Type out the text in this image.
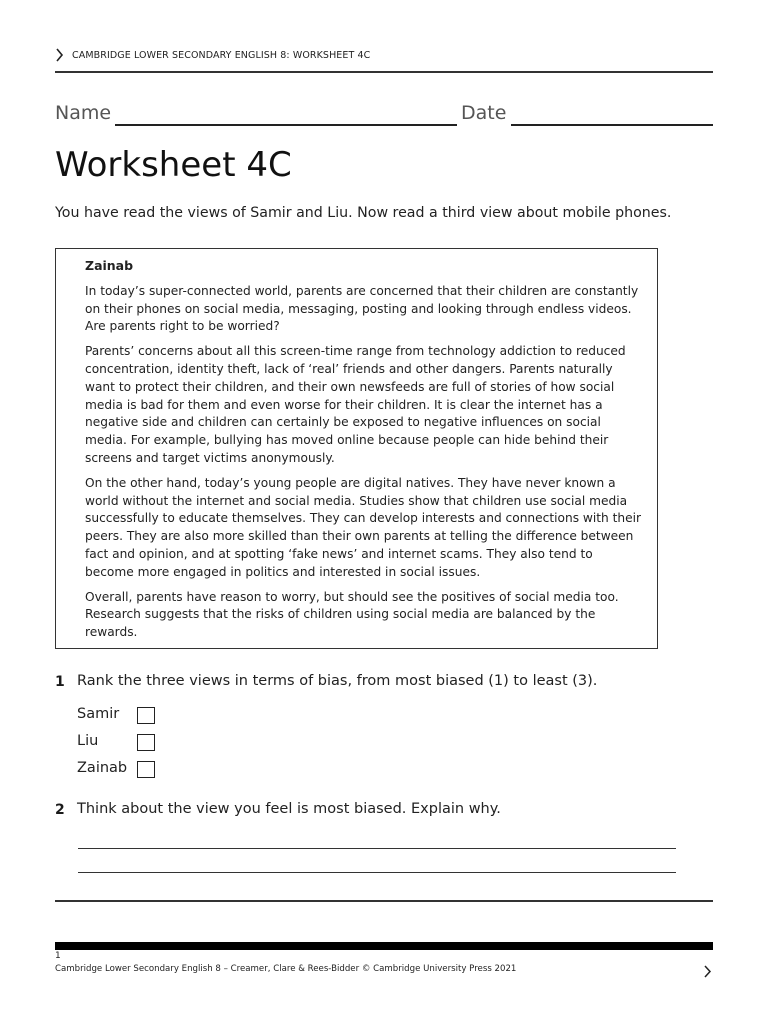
CAMBRIDGE LOWER SECONDARY ENGLISH 8: WORKSHEET 4C
Name	Date
Worksheet 4C
You have read the views of Samir and Liu. Now read a third view about mobile phones.

Zainab

In today’s super-connected world, parents are concerned that their children are constantly on their phones on social media, messaging, posting and looking through endless videos. Are parents right to be worried?

Parents’ concerns about all this screen-time range from technology addiction to reduced concentration, identity theft, lack of ‘real’ friends and other dangers. Parents naturally want to protect their children, and their own newsfeeds are full of stories of how social media is bad for them and even worse for their children. It is clear the internet has a negative side and children can certainly be exposed to negative influences on social media. For example, bullying has moved online because people can hide behind their screens and target victims anonymously.

On the other hand, today’s young people are digital natives. They have never known a world without the internet and social media. Studies show that children use social media successfully to educate themselves. They can develop interests and connections with their peers. They are also more skilled than their own parents at telling the difference between fact and opinion, and at spotting ‘fake news’ and internet scams. They also tend to become more engaged in politics and interested in social issues.

Overall, parents have reason to worry, but should see the positives of social media too. Research suggests that the risks of children using social media are balanced by the rewards.

1 Rank the three views in terms of bias, from most biased (1) to least (3).
Samir
Liu
Zainab
2 Think about the view you feel is most biased. Explain why.
1
Cambridge Lower Secondary English 8 – Creamer, Clare & Rees-Bidder © Cambridge University Press 2021
